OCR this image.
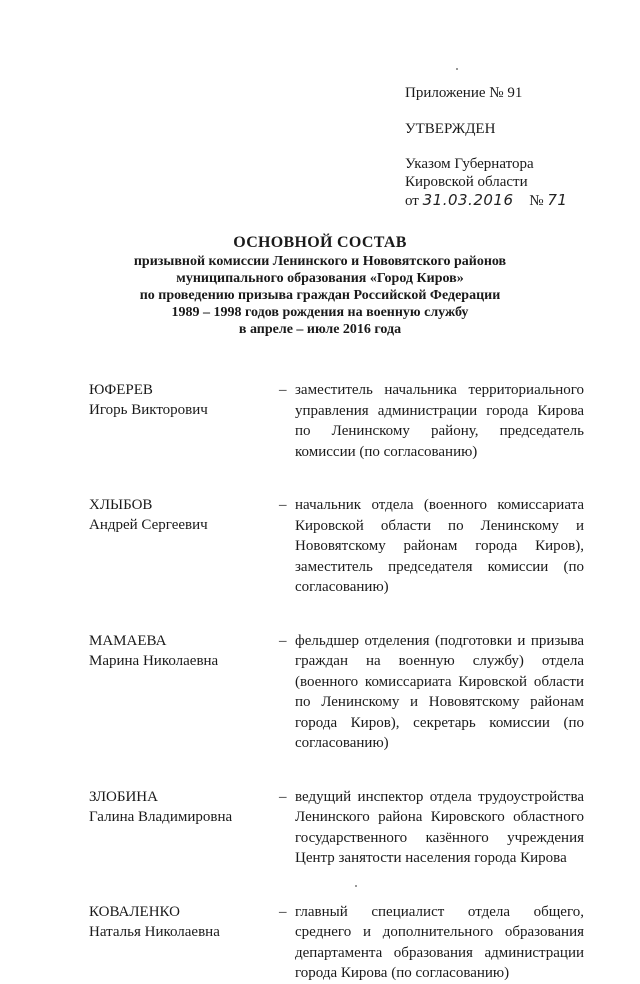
Приложение № 91
УТВЕРЖДЕН
Указом Губернатора
Кировской области
от 31.03.2016 № 71
ОСНОВНОЙ СОСТАВ
призывной комиссии Ленинского и Нововятского районов
муниципального образования «Город Киров»
по проведению призыва граждан Российской Федерации
1989 – 1998 годов рождения на военную службу
в апреле – июле 2016 года
ЮФЕРЕВ
Игорь Викторович
– заместитель начальника территориального управления администрации города Кирова по Ленинскому району, председатель комиссии (по согласованию)
ХЛЫБОВ
Андрей Сергеевич
– начальник отдела (военного комиссариата Кировской области по Ленинскому и Нововятскому районам города Киров), заместитель председателя комиссии (по согласованию)
МАМАЕВА
Марина Николаевна
– фельдшер отделения (подготовки и призыва граждан на военную службу) отдела (военного комиссариата Кировской области по Ленинскому и Нововятскому районам города Киров), секретарь комиссии (по согласованию)
ЗЛОБИНА
Галина Владимировна
– ведущий инспектор отдела трудоустройства Ленинского района Кировского областного государственного казённого учреждения Центр занятости населения города Кирова
КОВАЛЕНКО
Наталья Николаевна
– главный специалист отдела общего, среднего и дополнительного образования департамента образования администрации города Кирова (по согласованию)
